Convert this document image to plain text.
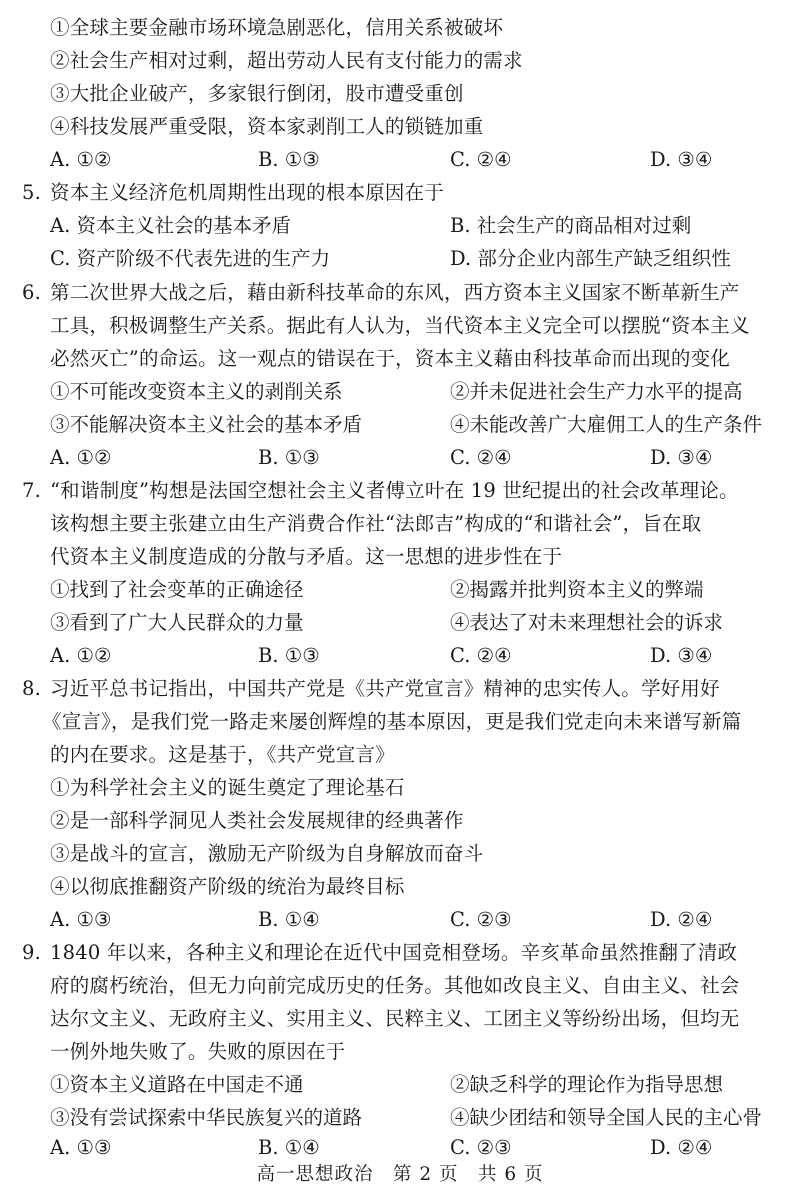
①全球主要金融市场环境急剧恶化，信用关系被破坏
②社会生产相对过剩，超出劳动人民有支付能力的需求
③大批企业破产，多家银行倒闭，股市遭受重创
④科技发展严重受限，资本家剥削工人的锁链加重
A. ①②	B. ①③	C. ②④	D. ③④
5. 资本主义经济危机周期性出现的根本原因在于
A. 资本主义社会的基本矛盾	B. 社会生产的商品相对过剩
C. 资产阶级不代表先进的生产力	D. 部分企业内部生产缺乏组织性
6. 第二次世界大战之后，藉由新科技革命的东风，西方资本主义国家不断革新生产
工具，积极调整生产关系。据此有人认为，当代资本主义完全可以摆脱“资本主义
必然灭亡”的命运。这一观点的错误在于，资本主义藉由科技革命而出现的变化
①不可能改变资本主义的剥削关系	②并未促进社会生产力水平的提高
③不能解决资本主义社会的基本矛盾	④未能改善广大雇佣工人的生产条件
A. ①②	B. ①③	C. ②④	D. ③④
7. “和谐制度”构想是法国空想社会主义者傅立叶在 19 世纪提出的社会改革理论。
该构想主要主张建立由生产消费合作社“法郎吉”构成的“和谐社会”，旨在取
代资本主义制度造成的分散与矛盾。这一思想的进步性在于
①找到了社会变革的正确途径	②揭露并批判资本主义的弊端
③看到了广大人民群众的力量	④表达了对未来理想社会的诉求
A. ①②	B. ①③	C. ②④	D. ③④
8. 习近平总书记指出，中国共产党是《共产党宣言》精神的忠实传人。学好用好
《宣言》，是我们党一路走来屡创辉煌的基本原因，更是我们党走向未来谱写新篇
的内在要求。这是基于，《共产党宣言》
①为科学社会主义的诞生奠定了理论基石
②是一部科学洞见人类社会发展规律的经典著作
③是战斗的宣言，激励无产阶级为自身解放而奋斗
④以彻底推翻资产阶级的统治为最终目标
A. ①③	B. ①④	C. ②③	D. ②④
9. 1840 年以来，各种主义和理论在近代中国竞相登场。辛亥革命虽然推翻了清政
府的腐朽统治，但无力向前完成历史的任务。其他如改良主义、自由主义、社会
达尔文主义、无政府主义、实用主义、民粹主义、工团主义等纷纷出场，但均无
一例外地失败了。失败的原因在于
①资本主义道路在中国走不通	②缺乏科学的理论作为指导思想
③没有尝试探索中华民族复兴的道路	④缺少团结和领导全国人民的主心骨
A. ①③	B. ①④	C. ②③	D. ②④
高一思想政治　第 2 页　共 6 页
